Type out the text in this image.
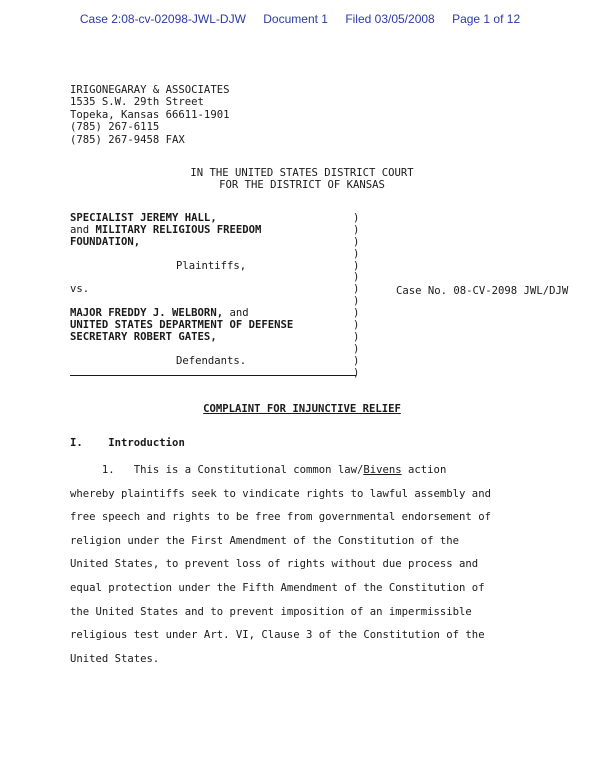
Case 2:08-cv-02098-JWL-DJW Document 1 Filed 03/05/2008 Page 1 of 12
IRIGONEGARAY & ASSOCIATES
1535 S.W. 29th Street
Topeka, Kansas 66611-1901
(785) 267-6115
(785) 267-9458 FAX
IN THE UNITED STATES DISTRICT COURT
FOR THE DISTRICT OF KANSAS
SPECIALIST JEREMY HALL,
and MILITARY RELIGIOUS FREEDOM
FOUNDATION,
Plaintiffs,
vs.
MAJOR FREDDY J. WELBORN, and
UNITED STATES DEPARTMENT OF DEFENSE
SECRETARY ROBERT GATES,
Defendants.
)
)
)
)
)
)
)
)
)
)
)
)
)
)
Case No. 08-CV-2098 JWL/DJW
COMPLAINT FOR INJUNCTIVE RELIEF
I. Introduction
1.   This is a Constitutional common law/Bivens action
whereby plaintiffs seek to vindicate rights to lawful assembly and
free speech and rights to be free from governmental endorsement of
religion under the First Amendment of the Constitution of the
United States, to prevent loss of rights without due process and
equal protection under the Fifth Amendment of the Constitution of
the United States and to prevent imposition of an impermissible
religious test under Art. VI, Clause 3 of the Constitution of the
United States.
